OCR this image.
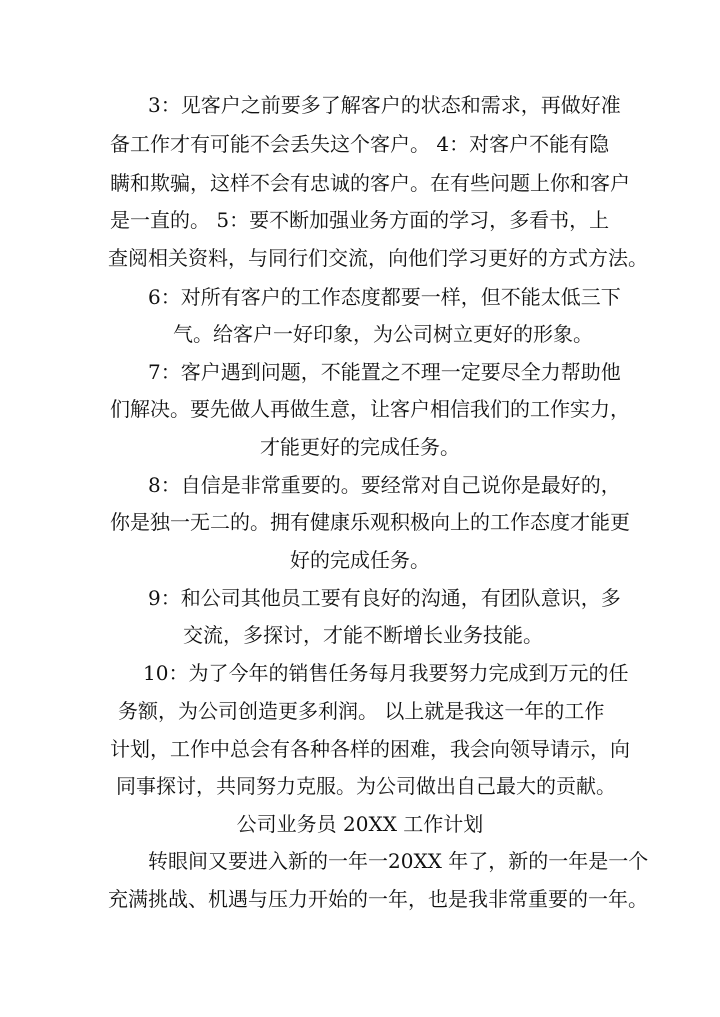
3：见客户之前要多了解客户的状态和需求，再做好准
备工作才有可能不会丢失这个客户。 4：对客户不能有隐
瞒和欺骗，这样不会有忠诚的客户。在有些问题上你和客户
是一直的。 5：要不断加强业务方面的学习，多看书，上
查阅相关资料，与同行们交流，向他们学习更好的方式方法。
6：对所有客户的工作态度都要一样，但不能太低三下
气。给客户一好印象，为公司树立更好的形象。
7：客户遇到问题，不能置之不理一定要尽全力帮助他
们解决。要先做人再做生意，让客户相信我们的工作实力，
才能更好的完成任务。
8：自信是非常重要的。要经常对自己说你是最好的，
你是独一无二的。拥有健康乐观积极向上的工作态度才能更
好的完成任务。
9：和公司其他员工要有良好的沟通，有团队意识，多
交流，多探讨，才能不断增长业务技能。
10：为了今年的销售任务每月我要努力完成到万元的任
务额，为公司创造更多利润。 以上就是我这一年的工作
计划，工作中总会有各种各样的困难，我会向领导请示，向
同事探讨，共同努力克服。为公司做出自己最大的贡献。
公司业务员 20XX 工作计划
转眼间又要进入新的一年一20XX 年了，新的一年是一个
充满挑战、机遇与压力开始的一年，也是我非常重要的一年。
